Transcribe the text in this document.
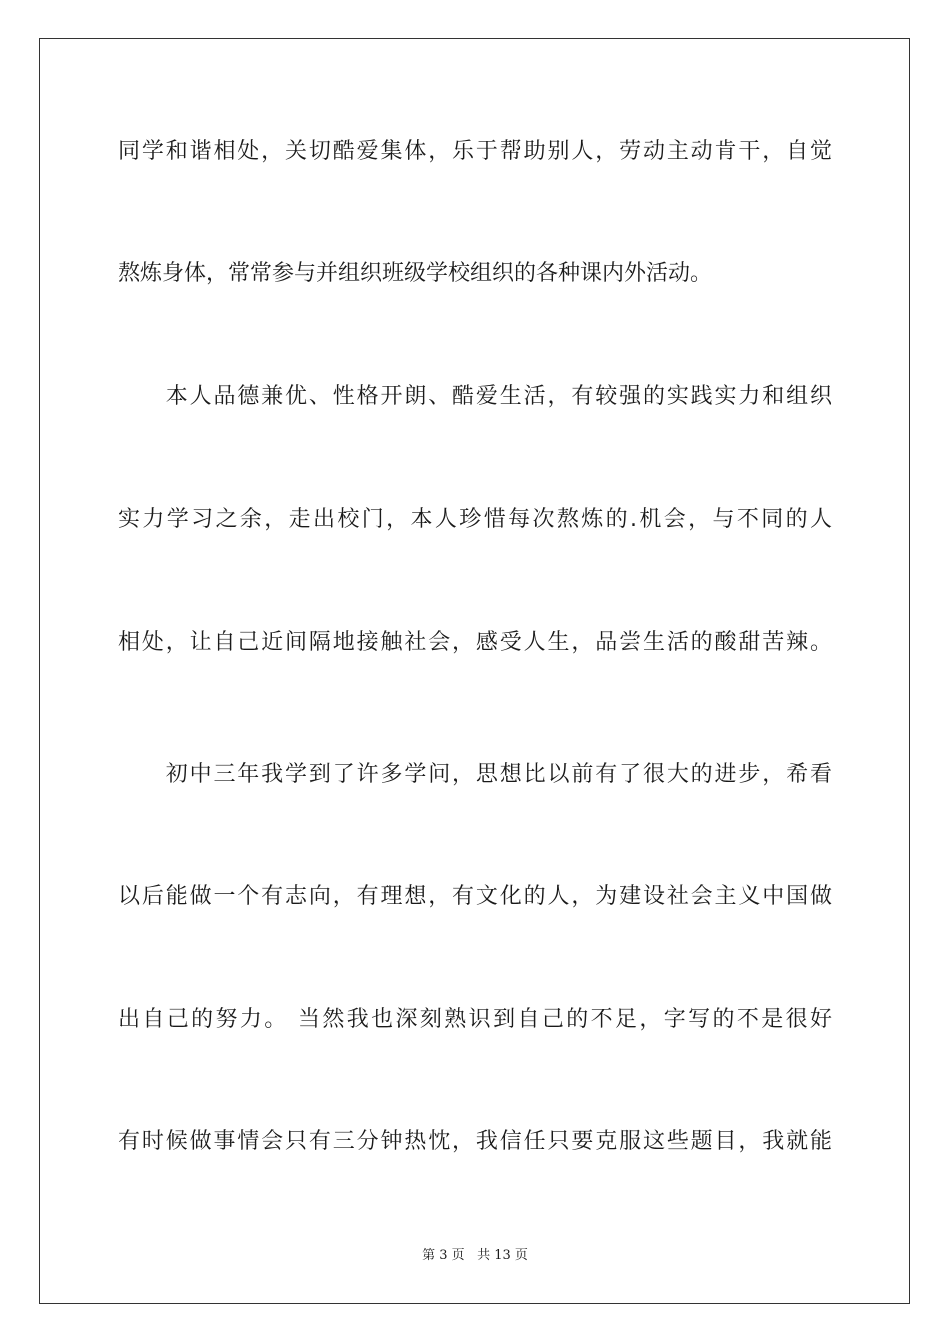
同学和谐相处，关切酷爱集体，乐于帮助别人，劳动主动肯干，自觉
熬炼身体，常常参与并组织班级学校组织的各种课内外活动。
　　本人品德兼优、性格开朗、酷爱生活，有较强的实践实力和组织
实力学习之余，走出校门，本人珍惜每次熬炼的.机会，与不同的人
相处，让自己近间隔地接触社会，感受人生，品尝生活的酸甜苦辣。
　　初中三年我学到了许多学问，思想比以前有了很大的进步，希看
以后能做一个有志向，有理想，有文化的人，为建设社会主义中国做
出自己的努力。 当然我也深刻熟识到自己的不足，字写的不是很好
有时候做事情会只有三分钟热忱，我信任只要克服这些题目，我就能
第 3 页 共 13 页
